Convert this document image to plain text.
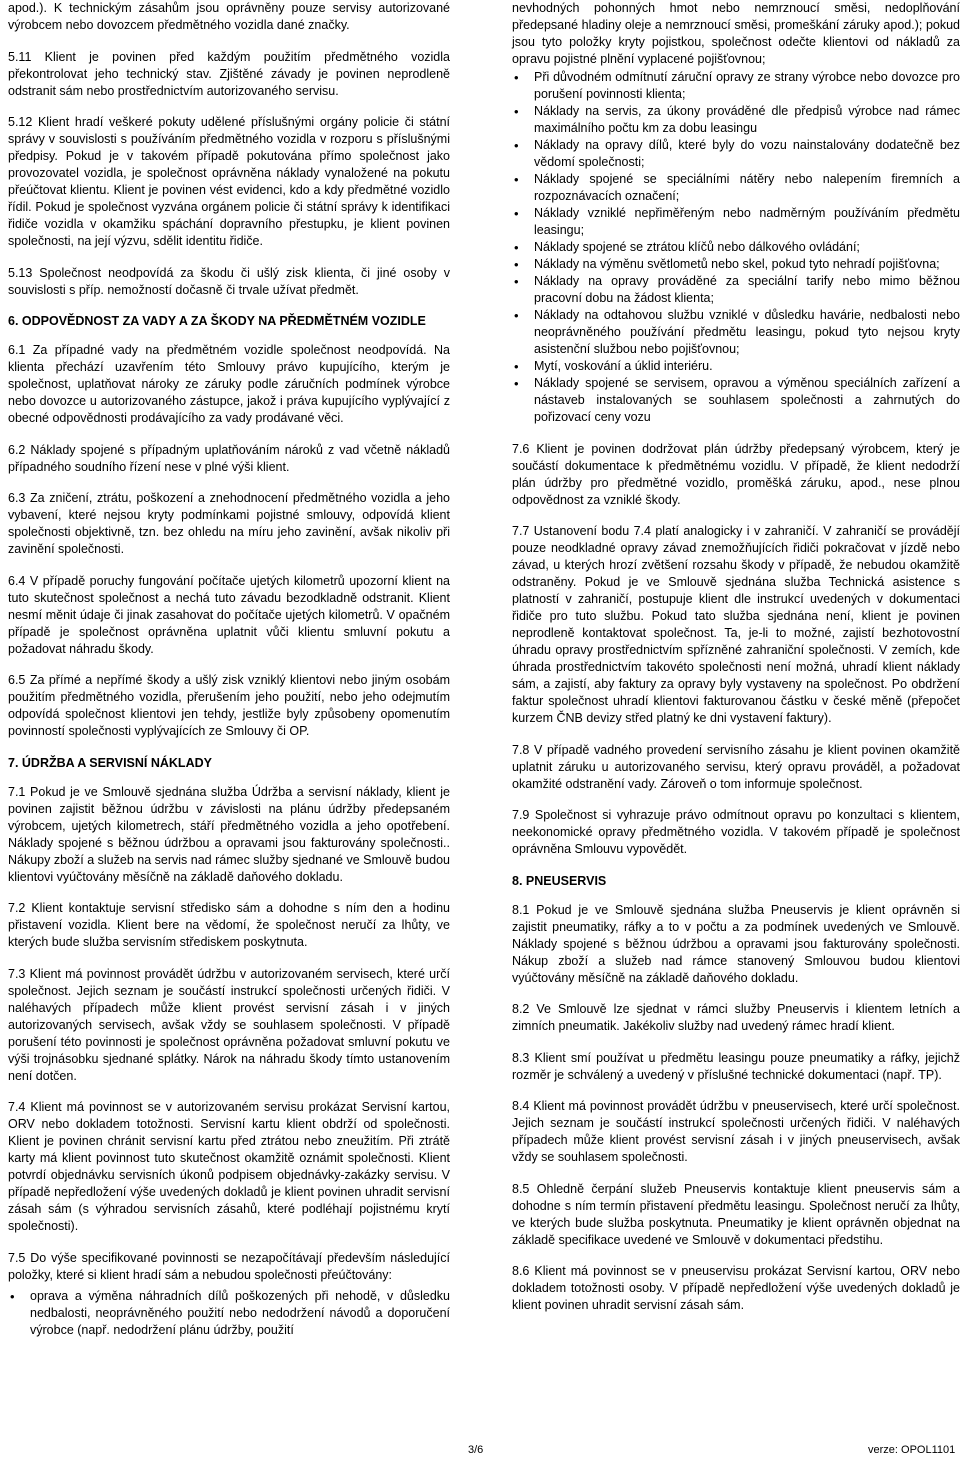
apod.). K technickým zásahům jsou oprávněny pouze servisy autorizované výrobcem nebo dovozcem předmětného vozidla dané značky.

5.11 Klient je povinen před každým použitím předmětného vozidla překontrolovat jeho technický stav. Zjištěné závady je povinen neprodleně odstranit sám nebo prostřednictvím autorizovaného servisu.

5.12 Klient hradí veškeré pokuty udělené příslušnými orgány policie či státní správy v souvislosti s používáním předmětného vozidla v rozporu s příslušnými předpisy. Pokud je v takovém případě pokutována přímo společnost jako provozovatel vozidla, je společnost oprávněna náklady vynaložené na pokutu přeúčtovat klientu. Klient je povinen vést evidenci, kdo a kdy předmětné vozidlo řídil. Pokud je společnost vyzvána orgánem policie či státní správy k identifikaci řidiče vozidla v okamžiku spáchání dopravního přestupku, je klient povinen společnosti, na její výzvu, sdělit identitu řidiče.

5.13 Společnost neodpovídá za škodu či ušlý zisk klienta, či jiné osoby v souvislosti s příp. nemožností dočasně či trvale užívat předmět.

6. ODPOVĚDNOST ZA VADY A ZA ŠKODY NA PŘEDMĚTNÉM VOZIDLE

6.1 Za případné vady na předmětném vozidle společnost neodpovídá. Na klienta přechází uzavřením této Smlouvy právo kupujícího, kterým je společnost, uplatňovat nároky ze záruky podle záručních podmínek výrobce nebo dovozce u autorizovaného zástupce, jakož i práva kupujícího vyplývající z obecné odpovědnosti prodávajícího za vady prodávané věci.

6.2 Náklady spojené s případným uplatňováním nároků z vad včetně nákladů případného soudního řízení nese v plné výši klient.

6.3 Za zničení, ztrátu, poškození a znehodnocení předmětného vozidla a jeho vybavení, které nejsou kryty podmínkami pojistné smlouvy, odpovídá klient společnosti objektivně, tzn. bez ohledu na míru jeho zavinění, avšak nikoliv při zavinění společnosti.

6.4 V případě poruchy fungování počítače ujetých kilometrů upozorní klient na tuto skutečnost společnost a nechá tuto závadu bezodkladně odstranit. Klient nesmí měnit údaje či jinak zasahovat do počítače ujetých kilometrů. V opačném případě je společnost oprávněna uplatnit vůči klientu smluvní pokutu a požadovat náhradu škody.

6.5 Za přímé a nepřímé škody a ušlý zisk vzniklý klientovi nebo jiným osobám použitím předmětného vozidla, přerušením jeho použití, nebo jeho odejmutím odpovídá společnost klientovi jen tehdy, jestliže byly způsobeny opomenutím povinností společnosti vyplývajících ze Smlouvy či OP.

7. ÚDRŽBA A SERVISNÍ NÁKLADY

7.1 Pokud je ve Smlouvě sjednána služba Údržba a servisní náklady, klient je povinen zajistit běžnou údržbu v závislosti na plánu údržby předepsaném výrobcem, ujetých kilometrech, stáří předmětného vozidla a jeho opotřebení. Náklady spojené s běžnou údržbou a opravami jsou fakturovány společnosti.. Nákupy zboží a služeb na servis nad rámec služby sjednané ve Smlouvě budou klientovi vyúčtovány měsíčně na základě daňového dokladu.

7.2 Klient kontaktuje servisní středisko sám a dohodne s ním den a hodinu přistavení vozidla. Klient bere na vědomí, že společnost neručí za lhůty, ve kterých bude služba servisním střediskem poskytnuta.

7.3 Klient má povinnost provádět údržbu v autorizovaném servisech, které určí společnost. Jejich seznam je součástí instrukcí společnosti určených řidiči. V naléhavých případech může klient provést servisní zásah i v jiných autorizovaných servisech, avšak vždy se souhlasem společnosti. V případě porušení této povinnosti je společnost oprávněna požadovat smluvní pokutu ve výši trojnásobku sjednané splátky. Nárok na náhradu škody tímto ustanovením není dotčen.

7.4 Klient má povinnost se v autorizovaném servisu prokázat Servisní kartou, ORV nebo dokladem totožnosti. Servisní kartu klient obdrží od společnosti. Klient je povinen chránit servisní kartu před ztrátou nebo zneužitím. Při ztrátě karty má klient povinnost tuto skutečnost okamžitě oznámit společnosti. Klient potvrdí objednávku servisních úkonů podpisem objednávky-zakázky servisu. V případě nepředložení výše uvedených dokladů je klient povinen uhradit servisní zásah sám (s výhradou servisních zásahů, které podléhají pojistnému krytí společnosti).

7.5 Do výše specifikované povinnosti se nezapočítávají především následující položky, které si klient hradí sám a nebudou společnosti přeúčtovány:

• oprava a výměna náhradních dílů poškozených při nehodě, v důsledku nedbalosti, neoprávněného použití nebo nedodržení návodů a doporučení výrobce (např. nedodržení plánu údržby, použití

nevhodných pohonných hmot nebo nemrznoucí směsi, nedoplňování předepsané hladiny oleje a nemrznoucí směsi, promeškání záruky apod.); pokud jsou tyto položky kryty pojistkou, společnost odečte klientovi od nákladů za opravu pojistné plnění vyplacené pojišťovnou;

• Při důvodném odmítnutí záruční opravy ze strany výrobce nebo dovozce pro porušení povinnosti klienta;
• Náklady na servis, za úkony prováděné dle předpisů výrobce nad rámec maximálního počtu km za dobu leasingu
• Náklady na opravy dílů, které byly do vozu nainstalovány dodatečně bez vědomí společnosti;
• Náklady spojené se speciálními nátěry nebo nalepením firemních a rozpoznávacích označení;
• Náklady vzniklé nepřiměřeným nebo nadměrným používáním předmětu leasingu;
• Náklady spojené se ztrátou klíčů nebo dálkového ovládání;
• Náklady na výměnu světlometů nebo skel, pokud tyto nehradí pojišťovna;
• Náklady na opravy prováděné za speciální tarify nebo mimo běžnou pracovní dobu na žádost klienta;
• Náklady na odtahovou službu vzniklé v důsledku havárie, nedbalosti nebo neoprávněného používání předmětu leasingu, pokud tyto nejsou kryty asistenční službou nebo pojišťovnou;
• Mytí, voskování a úklid interiéru.
• Náklady spojené se servisem, opravou a výměnou speciálních zařízení a nástaveb instalovaných se souhlasem společnosti a zahrnutých do pořizovací ceny vozu

7.6 Klient je povinen dodržovat plán údržby předepsaný výrobcem, který je součástí dokumentace k předmětnému vozidlu. V případě, že klient nedodrží plán údržby pro předmětné vozidlo, proměšká záruku, apod., nese plnou odpovědnost za vzniklé škody.

7.7 Ustanovení bodu 7.4 platí analogicky i v zahraničí. V zahraničí se provádějí pouze neodkladné opravy závad znemožňujících řidiči pokračovat v jízdě nebo závad, u kterých hrozí zvětšení rozsahu škody v případě, že nebudou okamžitě odstraněny. Pokud je ve Smlouvě sjednána služba Technická asistence s platností v zahraničí, postupuje klient dle instrukcí uvedených v dokumentaci řidiče pro tuto službu. Pokud tato služba sjednána není, klient je povinen neprodleně kontaktovat společnost. Ta, je-li to možné, zajistí bezhotovostní úhradu opravy prostřednictvím spřízněné zahraniční společnosti. V zemích, kde úhrada prostřednictvím takovéto společnosti není možná, uhradí klient náklady sám, a zajistí, aby faktury za opravy byly vystaveny na společnost. Po obdržení faktur společnost uhradí klientovi fakturovanou částku v české měně (přepočet kurzem ČNB devizy střed platný ke dni vystavení faktury).

7.8 V případě vadného provedení servisního zásahu je klient povinen okamžitě uplatnit záruku u autorizovaného servisu, který opravu prováděl, a požadovat okamžité odstranění vady. Zároveň o tom informuje společnost.

7.9 Společnost si vyhrazuje právo odmítnout opravu po konzultaci s klientem, neekonomické opravy předmětného vozidla. V takovém případě je společnost oprávněna Smlouvu vypovědět.

8. PNEUSERVIS

8.1 Pokud je ve Smlouvě sjednána služba Pneuservis je klient oprávněn si zajistit pneumatiky, ráfky a to v počtu a za podmínek uvedených ve Smlouvě. Náklady spojené s běžnou údržbou a opravami jsou fakturovány společnosti. Nákup zboží a služeb nad rámce stanovený Smlouvou budou klientovi vyúčtovány měsíčně na základě daňového dokladu.

8.2 Ve Smlouvě lze sjednat v rámci služby Pneuservis i klientem letních a zimních pneumatik. Jakékoliv služby nad uvedený rámec hradí klient.

8.3 Klient smí používat u předmětu leasingu pouze pneumatiky a ráfky, jejichž rozměr je schválený a uvedený v příslušné technické dokumentaci (např. TP).

8.4 Klient má povinnost provádět údržbu v pneuservisech, které určí společnost. Jejich seznam je součástí instrukcí společnosti určených řidiči. V naléhavých případech může klient provést servisní zásah i v jiných pneuservisech, avšak vždy se souhlasem společnosti.

8.5 Ohledně čerpání služeb Pneuservis kontaktuje klient pneuservis sám a dohodne s ním termín přistavení předmětu leasingu. Společnost neručí za lhůty, ve kterých bude služba poskytnuta. Pneumatiky je klient oprávněn objednat na základě specifikace uvedené ve Smlouvě v dokumentaci předstihu.

8.6 Klient má povinnost se v pneuservisu prokázat Servisní kartou, ORV nebo dokladem totožnosti osoby. V případě nepředložení výše uvedených dokladů je klient povinen uhradit servisní zásah sám.

3/6	verze: OPOL1101
